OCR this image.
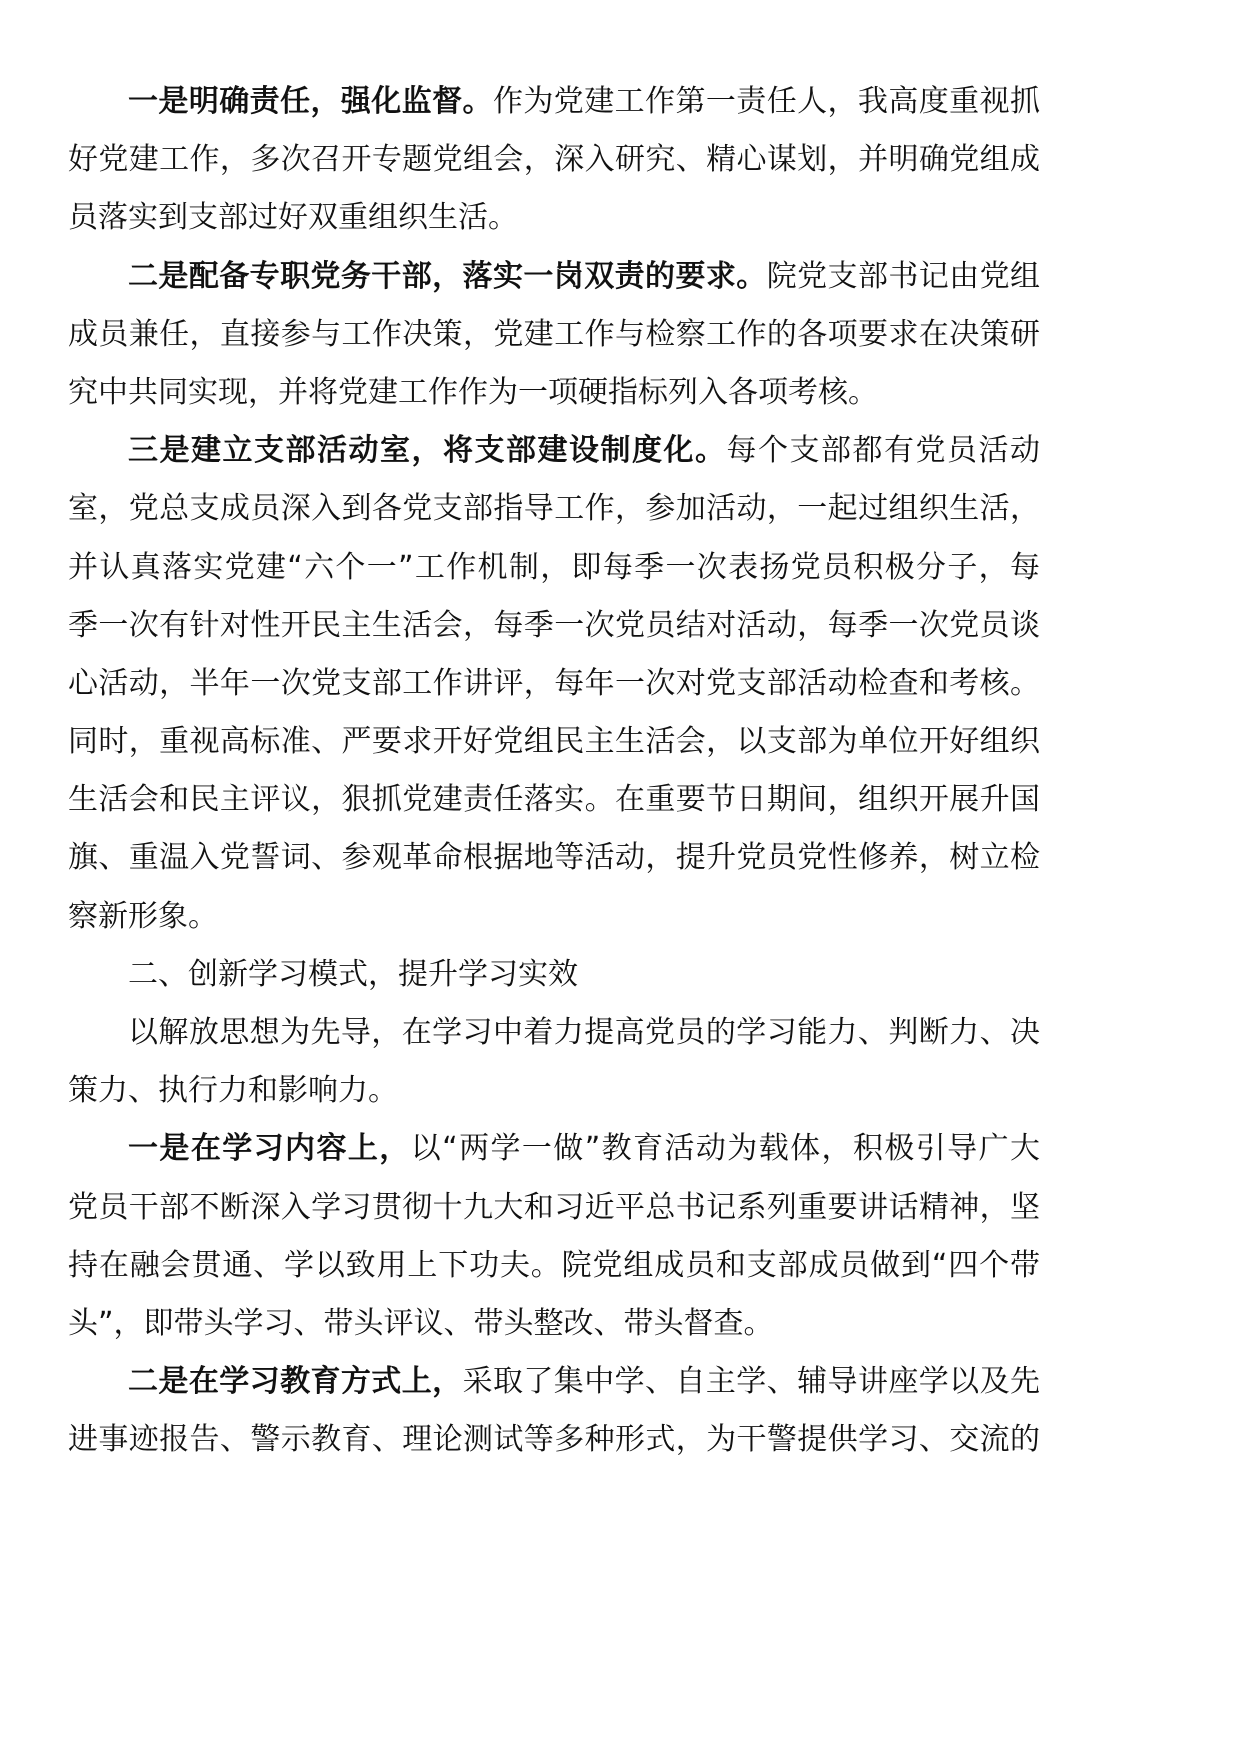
一是明确责任，强化监督。作为党建工作第一责任人，我高度重视抓
好党建工作，多次召开专题党组会，深入研究、精心谋划，并明确党组成
员落实到支部过好双重组织生活。
二是配备专职党务干部，落实一岗双责的要求。院党支部书记由党组
成员兼任，直接参与工作决策，党建工作与检察工作的各项要求在决策研
究中共同实现，并将党建工作作为一项硬指标列入各项考核。
三是建立支部活动室，将支部建设制度化。每个支部都有党员活动
室，党总支成员深入到各党支部指导工作，参加活动，一起过组织生活，
并认真落实党建“六个一”工作机制，即每季一次表扬党员积极分子，每
季一次有针对性开民主生活会，每季一次党员结对活动，每季一次党员谈
心活动，半年一次党支部工作讲评，每年一次对党支部活动检查和考核。
同时，重视高标准、严要求开好党组民主生活会，以支部为单位开好组织
生活会和民主评议，狠抓党建责任落实。在重要节日期间，组织开展升国
旗、重温入党誓词、参观革命根据地等活动，提升党员党性修养，树立检
察新形象。
二、创新学习模式，提升学习实效
以解放思想为先导，在学习中着力提高党员的学习能力、判断力、决
策力、执行力和影响力。
一是在学习内容上，以“两学一做”教育活动为载体，积极引导广大
党员干部不断深入学习贯彻十九大和习近平总书记系列重要讲话精神，坚
持在融会贯通、学以致用上下功夫。院党组成员和支部成员做到“四个带
头”，即带头学习、带头评议、带头整改、带头督查。
二是在学习教育方式上，采取了集中学、自主学、辅导讲座学以及先
进事迹报告、警示教育、理论测试等多种形式，为干警提供学习、交流的
